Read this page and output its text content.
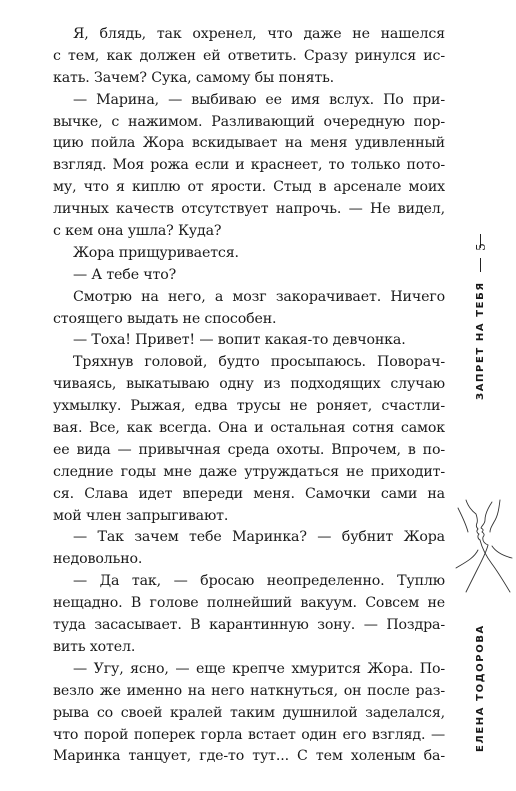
Я, блядь, так охренел, что даже не нашелся
с тем, как должен ей ответить. Сразу ринулся ис-
кать. Зачем? Сука, самому бы понять.
— Марина, — выбиваю ее имя вслух. По при-
вычке, с нажимом. Разливающий очередную пор-
цию пойла Жора вскидывает на меня удивленный
взгляд. Моя рожа если и краснеет, то только пото-
му, что я киплю от ярости. Стыд в арсенале моих
личных качеств отсутствует напрочь. — Не видел,
с кем она ушла? Куда?
Жора прищуривается.
— А тебе что?
Смотрю на него, а мозг закорачивает. Ничего
стоящего выдать не способен.
— Тоха! Привет! — вопит какая-то девчонка.
Тряхнув головой, будто просыпаюсь. Поворач-
чиваясь, выкатываю одну из подходящих случаю
ухмылку. Рыжая, едва трусы не роняет, счастли-
вая. Все, как всегда. Она и остальная сотня самок
ее вида — привычная среда охоты. Впрочем, в по-
следние годы мне даже утруждаться не приходит-
ся. Слава идет впереди меня. Самочки сами на
мой член запрыгивают.
— Так зачем тебе Маринка? — бубнит Жора
недовольно.
— Да так, — бросаю неопределенно. Туплю
нещадно. В голове полнейший вакуум. Совсем не
туда засасывает. В карантинную зону. — Поздра-
вить хотел.
— Угу, ясно, — еще крепче хмурится Жора. По-
везло же именно на него наткнуться, он после раз-
рыва со своей кралей таким душнилой заделался,
что порой поперек горла встает один его взгляд. —
Маринка танцует, где-то тут... С тем холеным ба-
5
ЗАПРЕТ НА ТЕБЯ
ЕЛЕНА ТОДОРОВА
